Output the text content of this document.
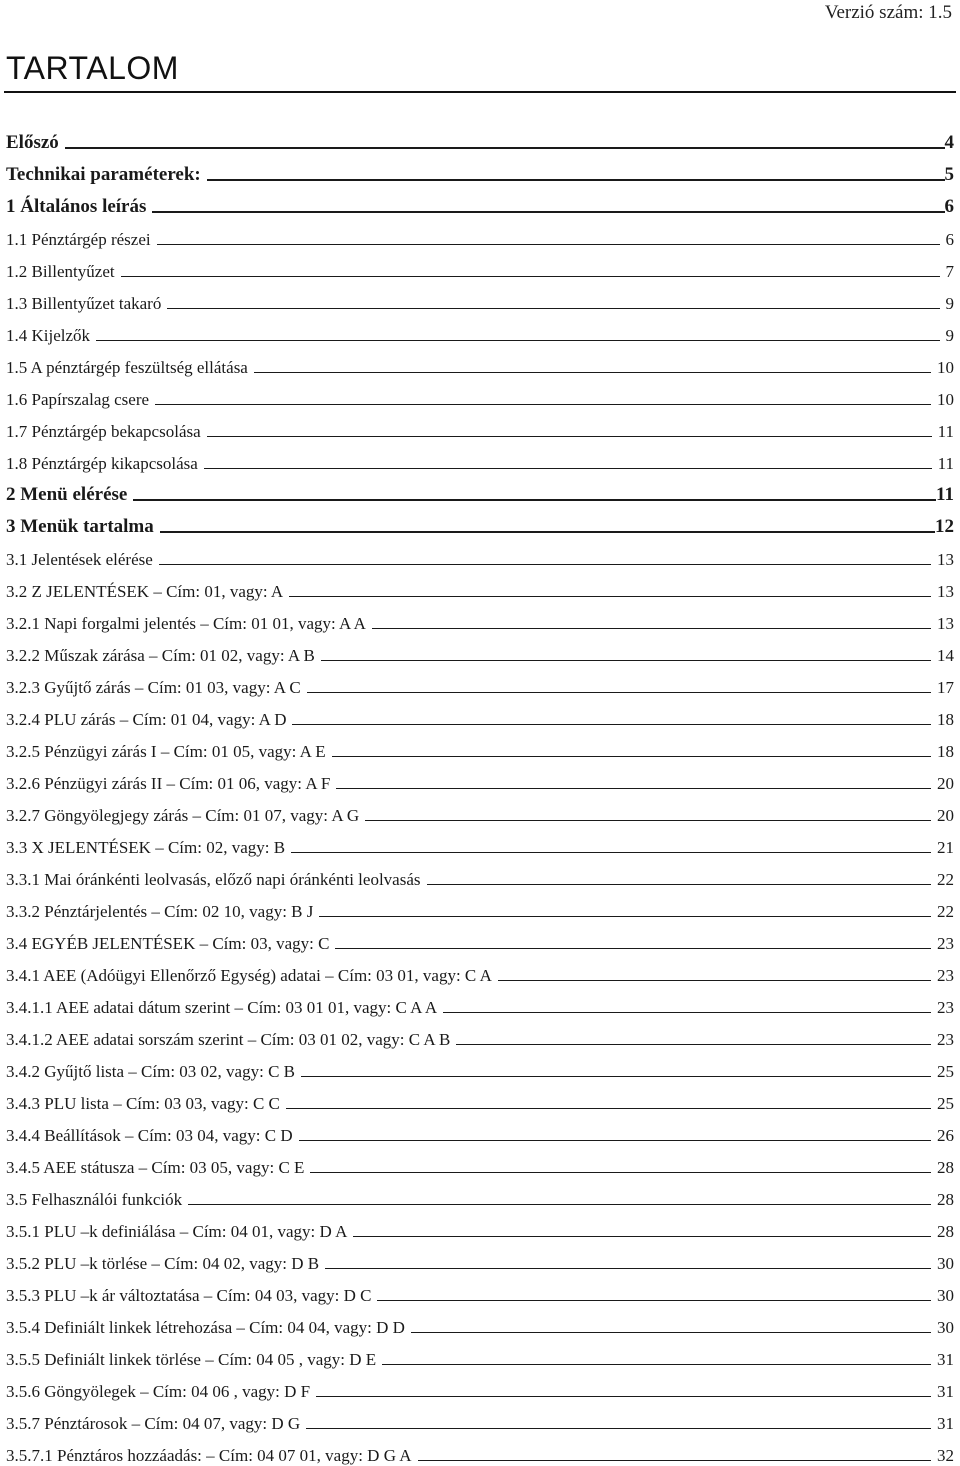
Verzió szám: 1.5
TARTALOM
Előszó	4
Technikai paraméterek:	5
1 Általános leírás	6
1.1 Pénztárgép részei	6
1.2 Billentyűzet	7
1.3 Billentyűzet takaró	9
1.4 Kijelzők	9
1.5 A pénztárgép feszültség ellátása	10
1.6 Papírszalag csere	10
1.7 Pénztárgép bekapcsolása	11
1.8 Pénztárgép kikapcsolása	11
2 Menü elérése	11
3 Menük tartalma	12
3.1 Jelentések elérése	13
3.2 Z JELENTÉSEK – Cím: 01, vagy: A	13
3.2.1 Napi forgalmi jelentés – Cím: 01 01, vagy: A A	13
3.2.2 Műszak zárása – Cím: 01 02, vagy: A B	14
3.2.3 Gyűjtő zárás – Cím: 01 03, vagy: A C	17
3.2.4 PLU zárás – Cím: 01 04, vagy: A D	18
3.2.5 Pénzügyi zárás I – Cím: 01 05, vagy: A E	18
3.2.6 Pénzügyi zárás II – Cím: 01 06, vagy: A F	20
3.2.7 Göngyölegjegy zárás – Cím: 01 07, vagy: A G	20
3.3 X JELENTÉSEK – Cím: 02, vagy: B	21
3.3.1 Mai óránkénti leolvasás, előző napi óránkénti leolvasás	22
3.3.2 Pénztárjelentés – Cím: 02 10, vagy: B J	22
3.4 EGYÉB JELENTÉSEK – Cím: 03, vagy: C	23
3.4.1 AEE (Adóügyi Ellenőrző Egység) adatai – Cím: 03 01, vagy: C A	23
3.4.1.1 AEE adatai dátum szerint – Cím: 03 01 01, vagy: C A A	23
3.4.1.2 AEE adatai sorszám szerint – Cím: 03 01 02, vagy: C A B	23
3.4.2 Gyűjtő lista – Cím: 03 02, vagy: C B	25
3.4.3 PLU lista – Cím: 03 03, vagy: C C	25
3.4.4 Beállítások – Cím: 03 04, vagy: C D	26
3.4.5 AEE státusza – Cím: 03 05, vagy: C E	28
3.5 Felhasználói funkciók	28
3.5.1 PLU –k definiálása – Cím: 04 01, vagy: D A	28
3.5.2 PLU –k törlése – Cím: 04 02, vagy: D B	30
3.5.3 PLU –k ár változtatása – Cím: 04 03, vagy: D C	30
3.5.4 Definiált linkek létrehozása – Cím: 04 04, vagy: D D	30
3.5.5 Definiált linkek törlése – Cím: 04 05 , vagy: D E	31
3.5.6 Göngyölegek – Cím: 04 06 , vagy: D F	31
3.5.7 Pénztárosok – Cím: 04 07, vagy: D G	31
3.5.7.1 Pénztáros hozzáadás: – Cím: 04 07 01, vagy: D G A	32
